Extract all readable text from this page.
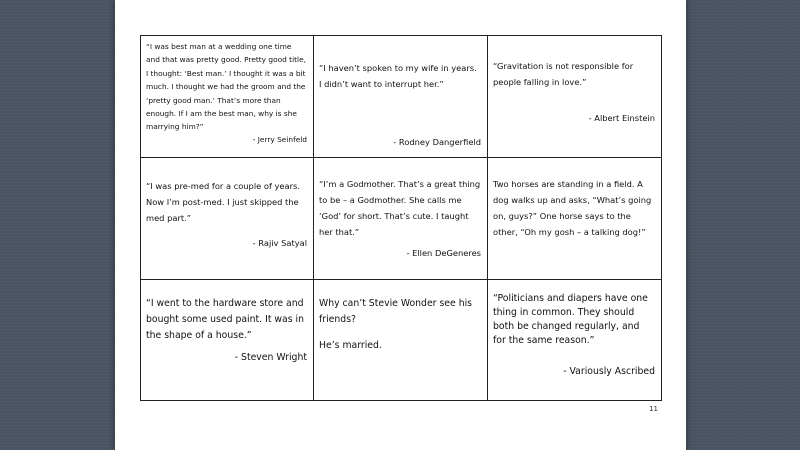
“I was best man at a wedding one time and that was pretty good. Pretty good title, I thought: ‘Best man.’ I thought it was a bit much. I thought we had the groom and the ‘pretty good man.’ That’s more than enough. If I am the best man, why is she marrying him?”

- Jerry Seinfeld

“I haven’t spoken to my wife in years. I didn’t want to interrupt her.”

- Rodney Dangerfield

“Gravitation is not responsible for people falling in love.”

- Albert Einstein

“I was pre-med for a couple of years. Now I’m post-med. I just skipped the med part.”

- Rajiv Satyal

“I’m a Godmother. That’s a great thing to be – a Godmother. She calls me ‘God’ for short. That’s cute. I taught her that.”

- Ellen DeGeneres

Two horses are standing in a field. A dog walks up and asks, “What’s going on, guys?” One horse says to the other, “Oh my gosh – a talking dog!”

“I went to the hardware store and bought some used paint. It was in the shape of a house.”

- Steven Wright

Why can’t Stevie Wonder see his friends?

He’s married.

“Politicians and diapers have one thing in common. They should both be changed regularly, and for the same reason.”

- Variously Ascribed

11
